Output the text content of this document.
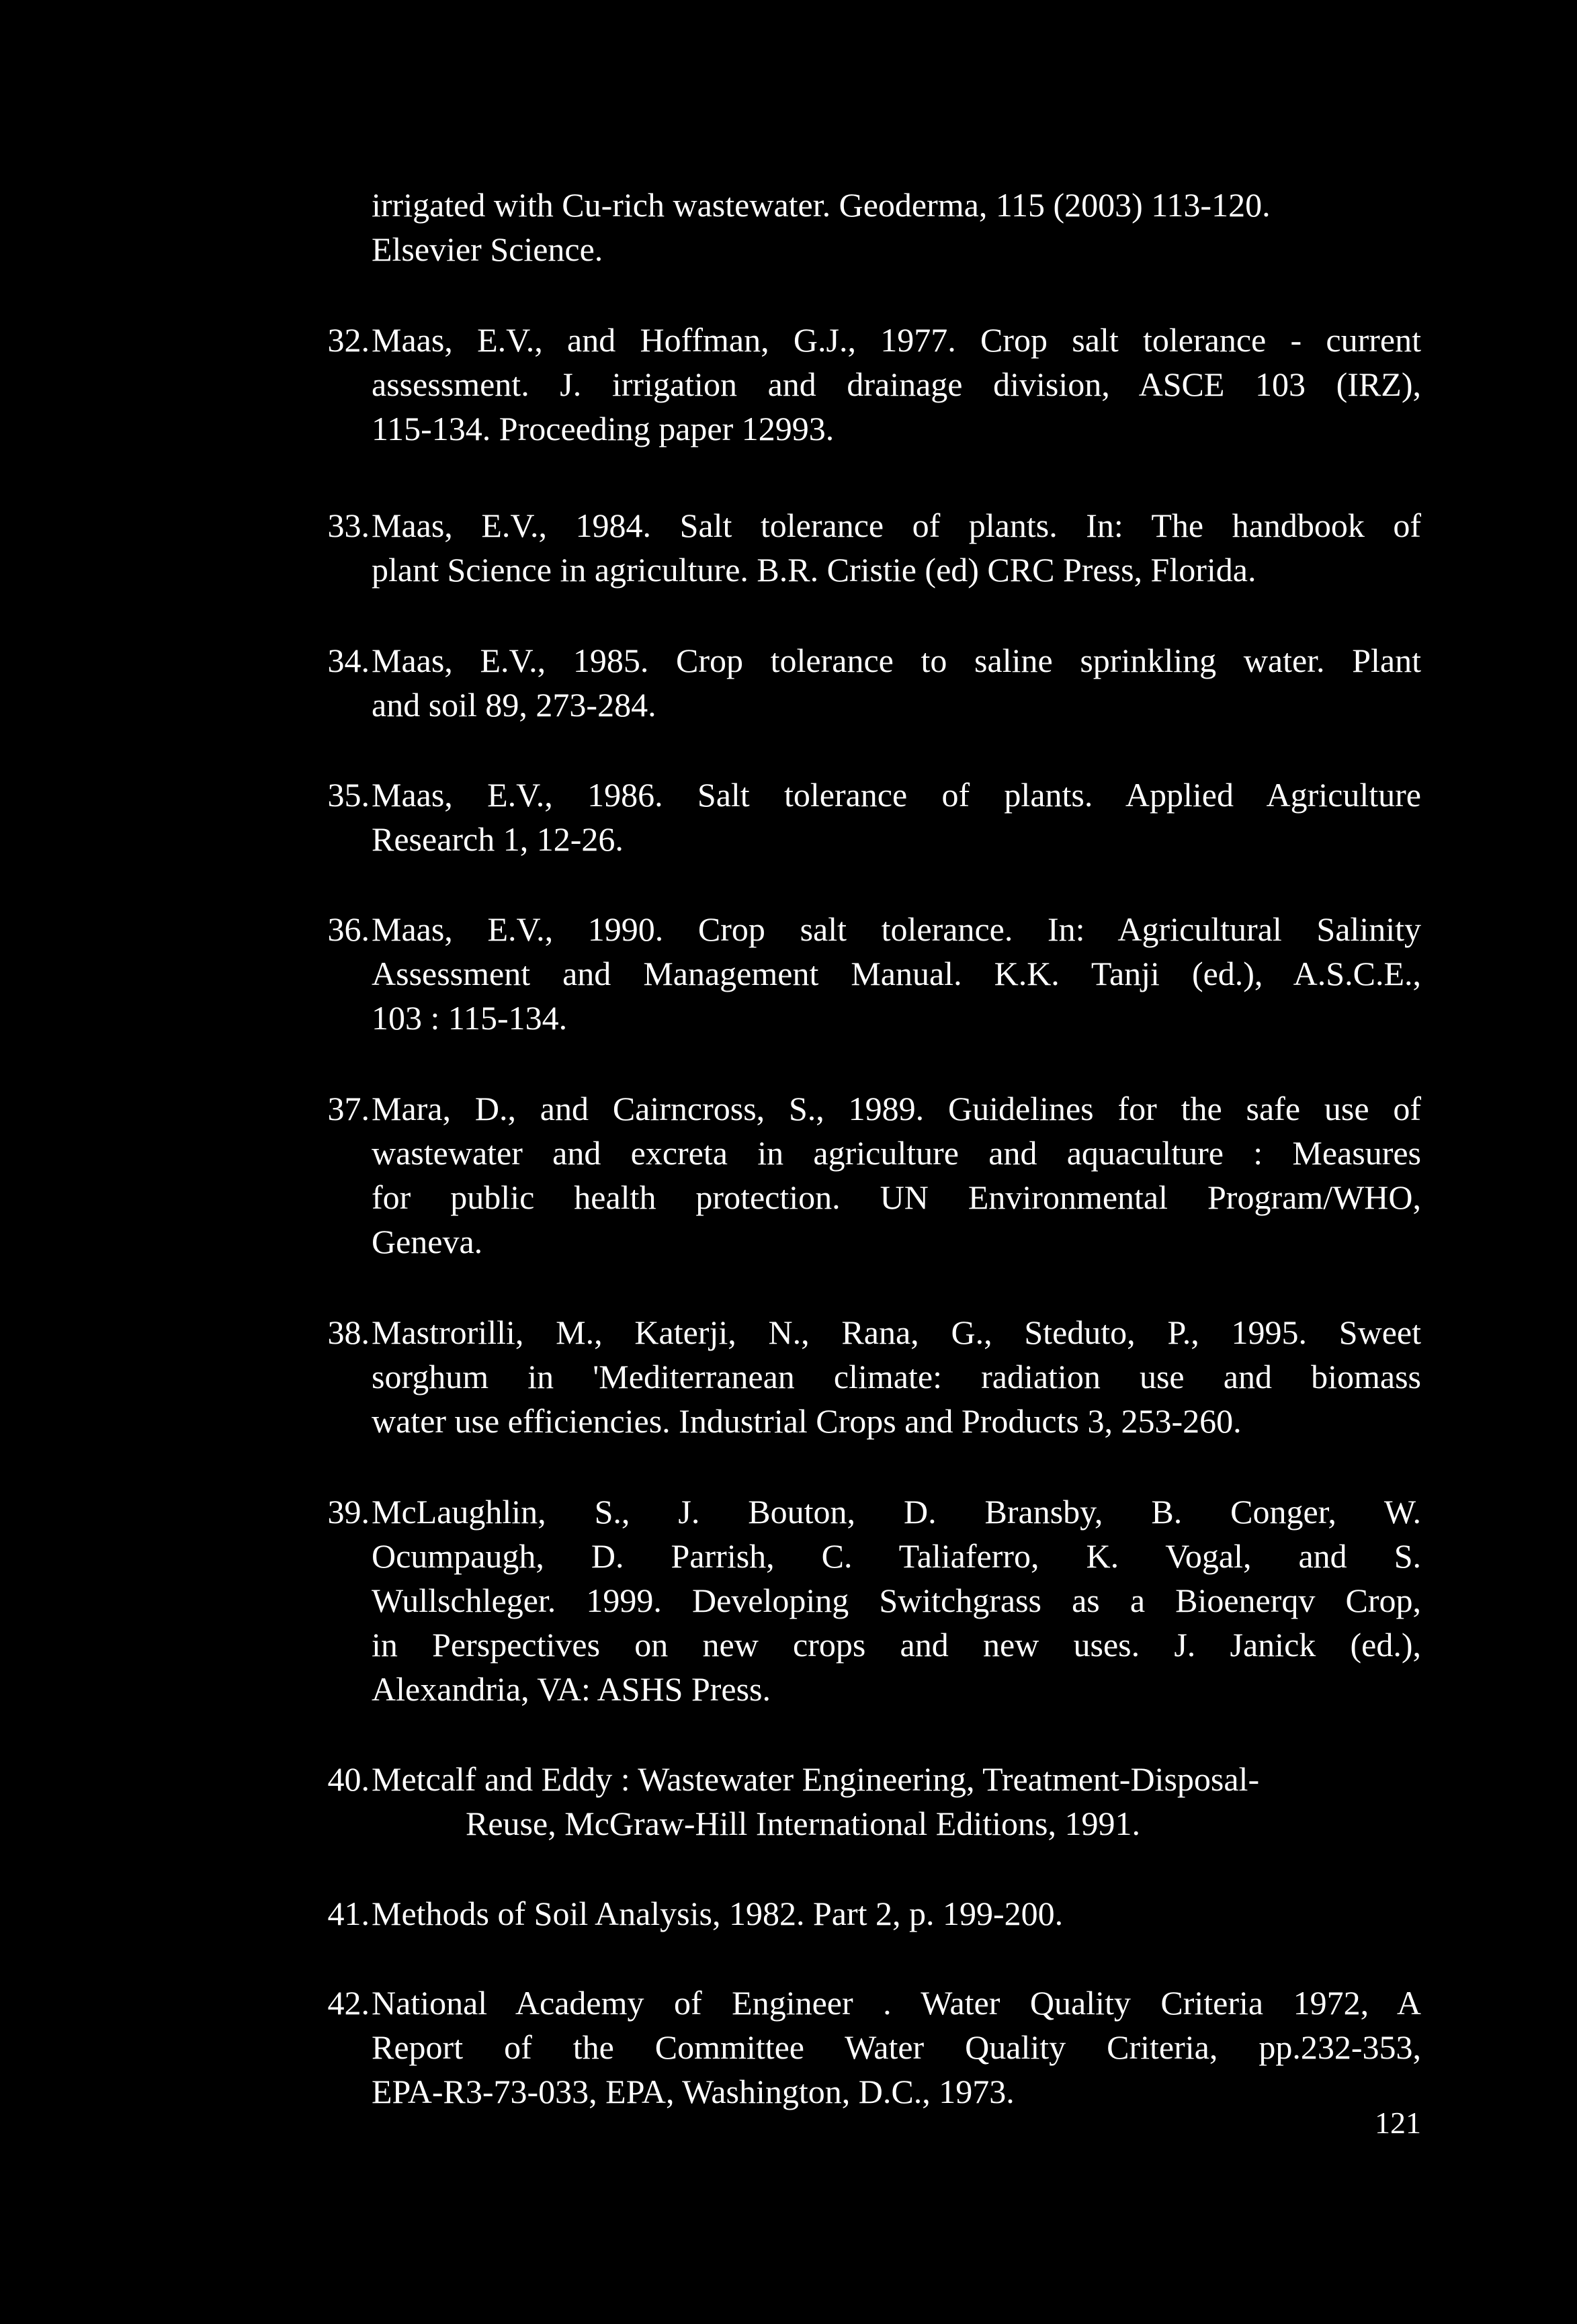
irrigated with Cu-rich wastewater. Geoderma, 115 (2003) 113-120.
Elsevier Science.
32. Maas, E.V., and Hoffman, G.J., 1977. Crop salt tolerance - current
assessment. J. irrigation and drainage division, ASCE 103 (IRZ),
115-134. Proceeding paper 12993.
33. Maas, E.V., 1984. Salt tolerance of plants. In: The handbook of
plant Science in agriculture. B.R. Cristie (ed) CRC Press, Florida.
34. Maas, E.V., 1985. Crop tolerance to saline sprinkling water. Plant
and soil 89, 273-284.
35. Maas, E.V., 1986. Salt tolerance of plants. Applied Agriculture
Research 1, 12-26.
36. Maas, E.V., 1990. Crop salt tolerance. In: Agricultural Salinity
Assessment and Management Manual. K.K. Tanji (ed.), A.S.C.E.,
103 : 115-134.
37. Mara, D., and Cairncross, S., 1989. Guidelines for the safe use of
wastewater and excreta in agriculture and aquaculture : Measures
for public health protection. UN Environmental Program/WHO,
Geneva.
38. Mastrorilli, M., Katerji, N., Rana, G., Steduto, P., 1995. Sweet
sorghum in 'Mediterranean climate: radiation use and biomass
water use efficiencies. Industrial Crops and Products 3, 253-260.
39. McLaughlin, S., J. Bouton, D. Bransby, B. Conger, W.
Ocumpaugh, D. Parrish, C. Taliaferro, K. Vogal, and S.
Wullschleger. 1999. Developing Switchgrass as a Bioenerqv Crop,
in Perspectives on new crops and new uses. J. Janick (ed.),
Alexandria, VA: ASHS Press.
40. Metcalf and Eddy : Wastewater Engineering, Treatment-Disposal-
Reuse, McGraw-Hill International Editions, 1991.
41. Methods of Soil Analysis, 1982. Part 2, p. 199-200.
42. National Academy of Engineer . Water Quality Criteria 1972, A
Report of the Committee Water Quality Criteria, pp.232-353,
EPA-R3-73-033, EPA, Washington, D.C., 1973.
121
